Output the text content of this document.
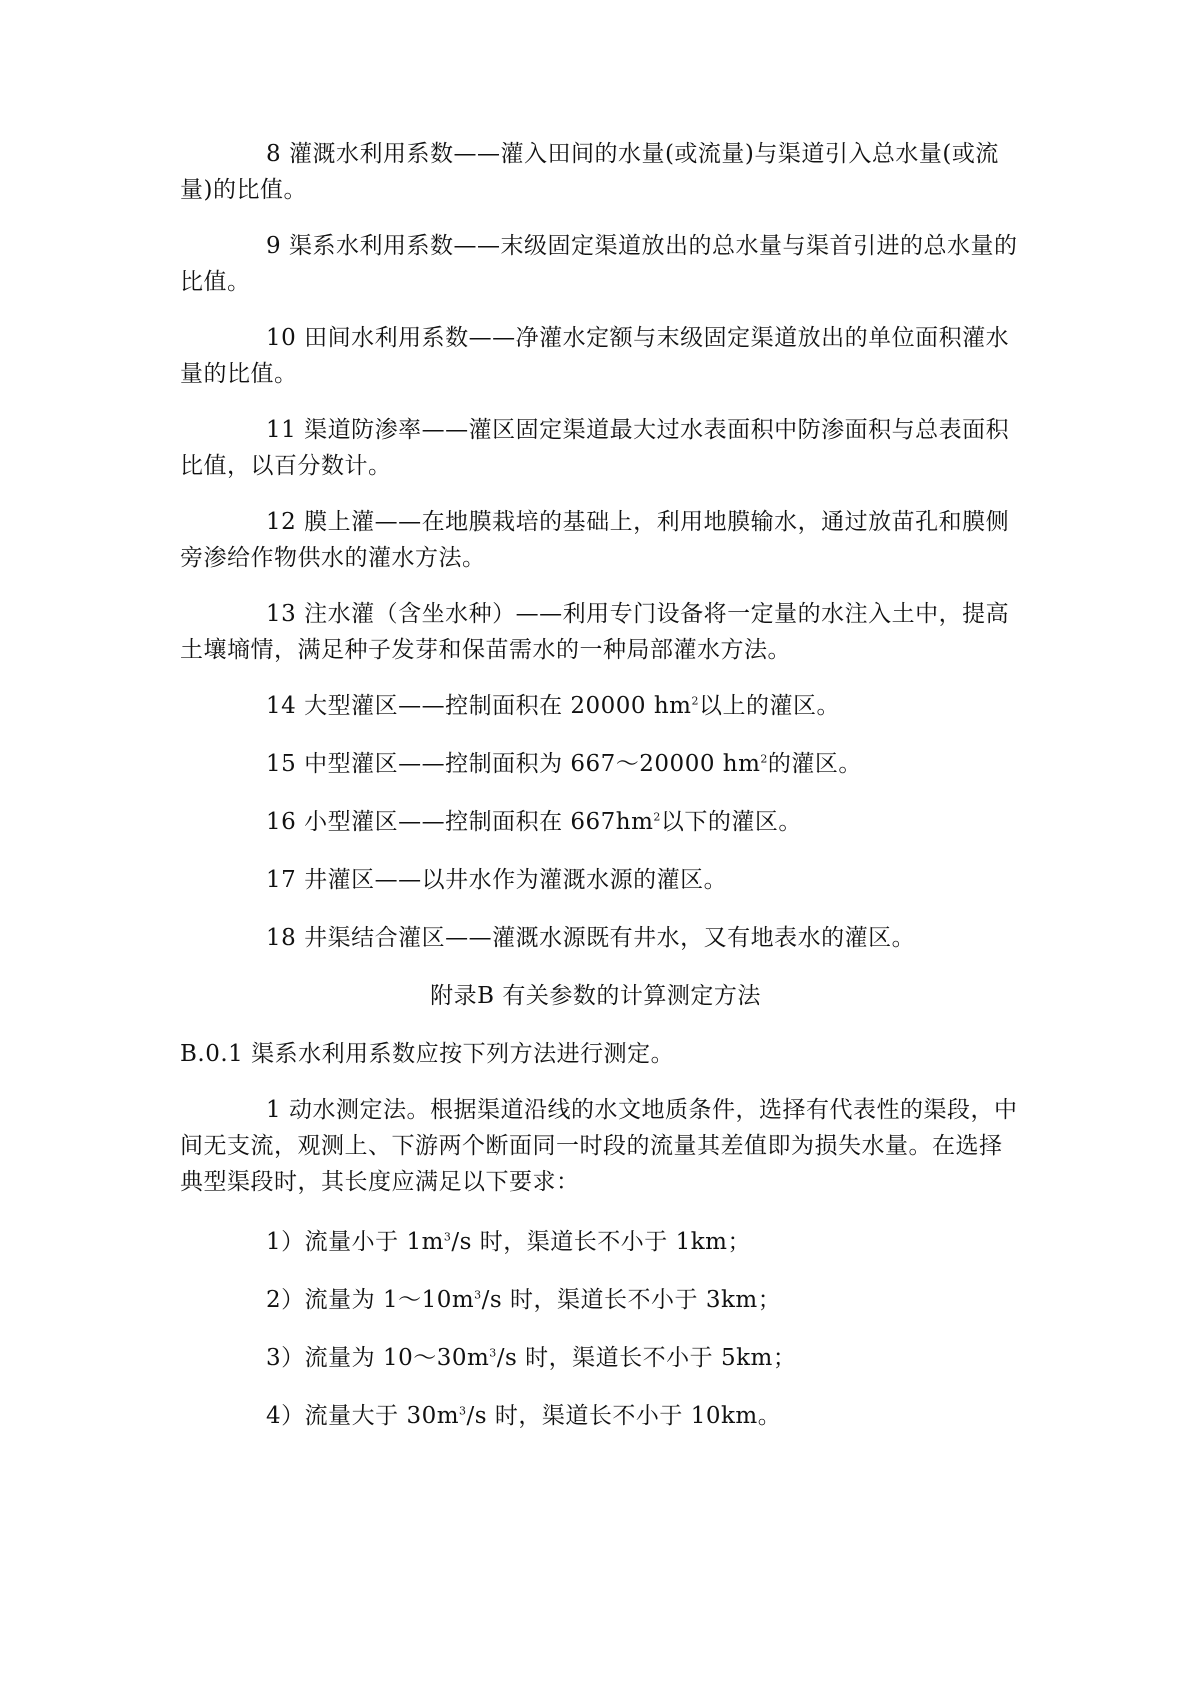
8 灌溉水利用系数——灌入田间的水量(或流量)与渠道引入总水量(或流量)的比值。

9 渠系水利用系数——末级固定渠道放出的总水量与渠首引进的总水量的比值。

10 田间水利用系数——净灌水定额与末级固定渠道放出的单位面积灌水量的比值。

11 渠道防渗率——灌区固定渠道最大过水表面积中防渗面积与总表面积比值，以百分数计。

12 膜上灌——在地膜栽培的基础上，利用地膜输水，通过放苗孔和膜侧旁渗给作物供水的灌水方法。

13 注水灌（含坐水种）——利用专门设备将一定量的水注入土中，提高土壤墒情，满足种子发芽和保苗需水的一种局部灌水方法。

14 大型灌区——控制面积在 20000 $hm^2$以上的灌区。

15 中型灌区——控制面积为 667～20000 $hm^2$的灌区。

16 小型灌区——控制面积在 $667hm^2$以下的灌区。

17 井灌区——以井水作为灌溉水源的灌区。

18 井渠结合灌区——灌溉水源既有井水，又有地表水的灌区。

附录B 有关参数的计算测定方法

B.0.1 渠系水利用系数应按下列方法进行测定。

1 动水测定法。根据渠道沿线的水文地质条件，选择有代表性的渠段，中间无支流，观测上、下游两个断面同一时段的流量其差值即为损失水量。在选择典型渠段时，其长度应满足以下要求：

1）流量小于 $1m^3/s$ 时，渠道长不小于 1km；

2）流量为 $1\sim 10m^3/s$ 时，渠道长不小于 3km；

3）流量为 $10\sim 30m^3/s$ 时，渠道长不小于 5km；

4）流量大于 $30m^3/s$ 时，渠道长不小于 10km。
